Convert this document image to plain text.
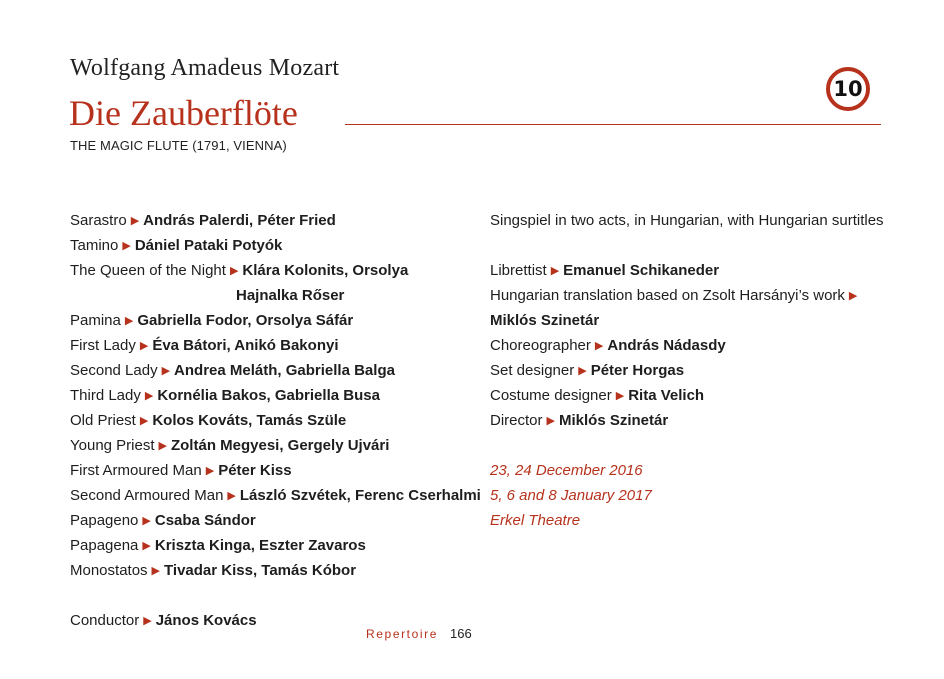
Wolfgang Amadeus Mozart
Die Zauberflöte
THE MAGIC FLUTE (1791, VIENNA)
10
Sarastro ▶ András Palerdi, Péter Fried
Tamino ▶ Dániel Pataki Potyók
The Queen of the Night ▶ Klára Kolonits, Orsolya
Hajnalka Rőser
Pamina ▶ Gabriella Fodor, Orsolya Sáfár
First Lady ▶ Éva Bátori, Anikó Bakonyi
Second Lady ▶ Andrea Meláth, Gabriella Balga
Third Lady ▶ Kornélia Bakos, Gabriella Busa
Old Priest ▶ Kolos Kováts, Tamás Szüle
Young Priest ▶ Zoltán Megyesi, Gergely Ujvári
First Armoured Man ▶ Péter Kiss
Second Armoured Man ▶ László Szvétek, Ferenc Cserhalmi
Papageno ▶ Csaba Sándor
Papagena ▶ Kriszta Kinga, Eszter Zavaros
Monostatos ▶ Tivadar Kiss, Tamás Kóbor
Conductor ▶ János Kovács
Singspiel in two acts, in Hungarian, with Hungarian surtitles
Librettist ▶ Emanuel Schikaneder
Hungarian translation based on Zsolt Harsányi’s work ▶
Miklós Szinetár
Choreographer ▶ András Nádasdy
Set designer ▶ Péter Horgas
Costume designer ▶ Rita Velich
Director ▶ Miklós Szinetár
23, 24 December 2016
5, 6 and 8 January 2017
Erkel Theatre
Repertoire 166
